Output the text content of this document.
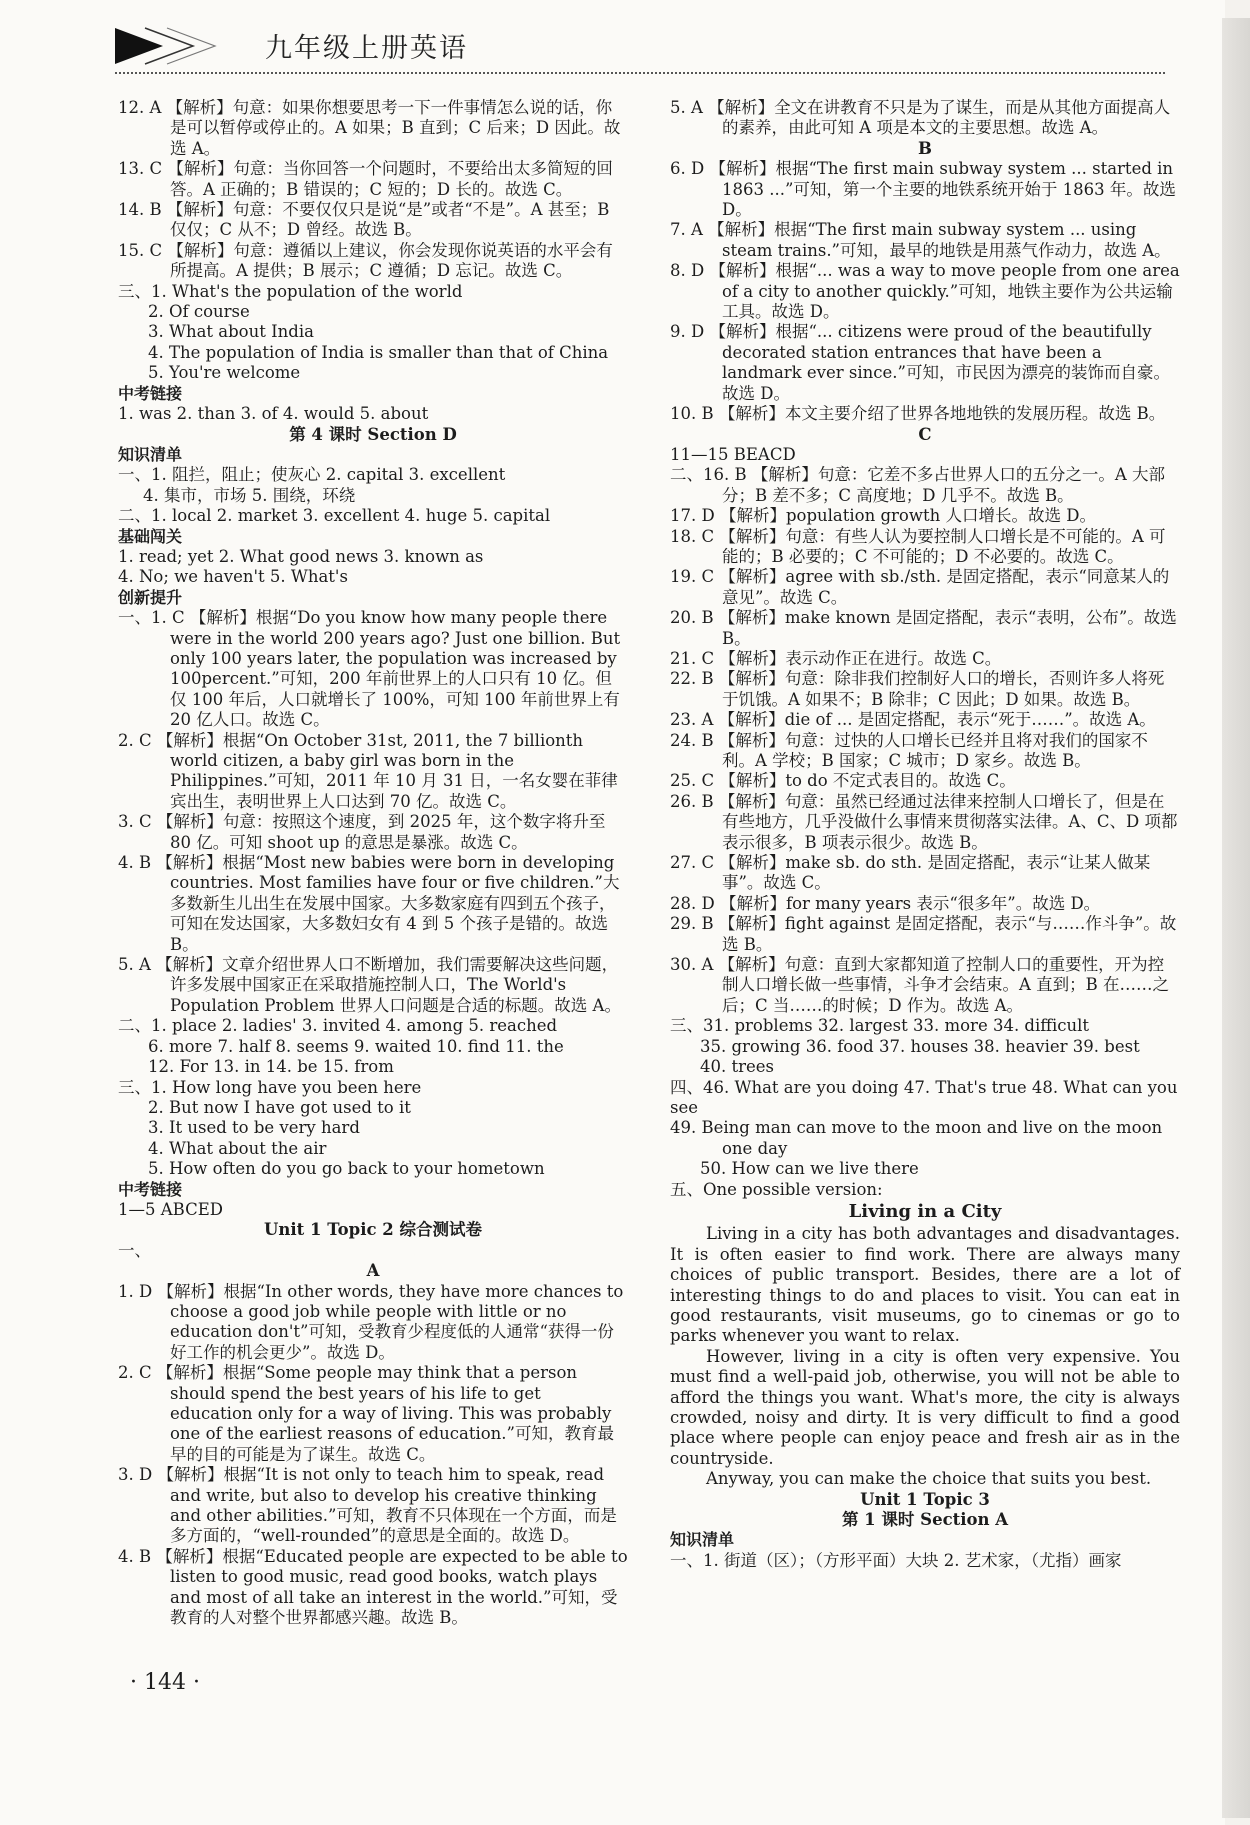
九年级上册英语

12. A 【解析】句意：如果你想要思考一下一件事情怎么说的话，你是可以暂停或停止的。A 如果；B 直到；C 后来；D 因此。故选 A。

13. C 【解析】句意：当你回答一个问题时，不要给出太多简短的回答。A 正确的；B 错误的；C 短的；D 长的。故选 C。

14. B 【解析】句意：不要仅仅只是说“是”或者“不是”。A 甚至；B 仅仅；C 从不；D 曾经。故选 B。

15. C 【解析】句意：遵循以上建议，你会发现你说英语的水平会有所提高。A 提供；B 展示；C 遵循；D 忘记。故选 C。

三、1. What's the population of the world

2. Of course

3. What about India

4. The population of India is smaller than that of China

5. You're welcome

中考链接

1. was 2. than 3. of 4. would 5. about

第 4 课时 Section D

知识清单

一、1. 阻拦，阻止；使灰心 2. capital 3. excellent

4. 集市，市场 5. 围绕，环绕

二、1. local 2. market 3. excellent 4. huge 5. capital

基础闯关

1. read; yet 2. What good news 3. known as

4. No; we haven't 5. What's

创新提升

一、1. C 【解析】根据“Do you know how many people there were in the world 200 years ago? Just one billion. But only 100 years later, the population was increased by 100percent.”可知，200 年前世界上的人口只有 10 亿。但仅 100 年后，人口就增长了 100%，可知 100 年前世界上有 20 亿人口。故选 C。

2. C 【解析】根据“On October 31st, 2011, the 7 billionth world citizen, a baby girl was born in the Philippines.”可知，2011 年 10 月 31 日，一名女婴在菲律宾出生，表明世界上人口达到 70 亿。故选 C。

3. C 【解析】句意：按照这个速度，到 2025 年，这个数字将升至 80 亿。可知 shoot up 的意思是暴涨。故选 C。

4. B 【解析】根据“Most new babies were born in developing countries. Most families have four or five children.”大多数新生儿出生在发展中国家。大多数家庭有四到五个孩子，可知在发达国家，大多数妇女有 4 到 5 个孩子是错的。故选 B。

5. A 【解析】文章介绍世界人口不断增加，我们需要解决这些问题，许多发展中国家正在采取措施控制人口，The World's Population Problem 世界人口问题是合适的标题。故选 A。

二、1. place 2. ladies' 3. invited 4. among 5. reached

6. more 7. half 8. seems 9. waited 10. find 11. the

12. For 13. in 14. be 15. from

三、1. How long have you been here

2. But now I have got used to it

3. It used to be very hard

4. What about the air

5. How often do you go back to your hometown

中考链接

1—5 ABCED

Unit 1 Topic 2 综合测试卷

一、

A

1. D 【解析】根据“In other words, they have more chances to choose a good job while people with little or no education don't”可知，受教育少程度低的人通常“获得一份好工作的机会更少”。故选 D。

2. C 【解析】根据“Some people may think that a person should spend the best years of his life to get education only for a way of living. This was probably one of the earliest reasons of education.”可知，教育最早的目的可能是为了谋生。故选 C。

3. D 【解析】根据“It is not only to teach him to speak, read and write, but also to develop his creative thinking and other abilities.”可知，教育不只体现在一个方面，而是多方面的，“well-rounded”的意思是全面的。故选 D。

4. B 【解析】根据“Educated people are expected to be able to listen to good music, read good books, watch plays and most of all take an interest in the world.”可知，受教育的人对整个世界都感兴趣。故选 B。

5. A 【解析】全文在讲教育不只是为了谋生，而是从其他方面提高人的素养，由此可知 A 项是本文的主要思想。故选 A。

B

6. D 【解析】根据“The first main subway system ... started in 1863 ...”可知，第一个主要的地铁系统开始于 1863 年。故选 D。

7. A 【解析】根据“The first main subway system ... using steam trains.”可知，最早的地铁是用蒸气作动力，故选 A。

8. D 【解析】根据“... was a way to move people from one area of a city to another quickly.”可知，地铁主要作为公共运输工具。故选 D。

9. D 【解析】根据“... citizens were proud of the beautifully decorated station entrances that have been a landmark ever since.”可知，市民因为漂亮的装饰而自豪。故选 D。

10. B 【解析】本文主要介绍了世界各地地铁的发展历程。故选 B。

C

11—15 BEACD

二、16. B 【解析】句意：它差不多占世界人口的五分之一。A 大部分；B 差不多；C 高度地；D 几乎不。故选 B。

17. D 【解析】population growth 人口增长。故选 D。

18. C 【解析】句意：有些人认为要控制人口增长是不可能的。A 可能的；B 必要的；C 不可能的；D 不必要的。故选 C。

19. C 【解析】agree with sb./sth. 是固定搭配，表示“同意某人的意见”。故选 C。

20. B 【解析】make known 是固定搭配，表示“表明，公布”。故选 B。

21. C 【解析】表示动作正在进行。故选 C。

22. B 【解析】句意：除非我们控制好人口的增长，否则许多人将死于饥饿。A 如果不；B 除非；C 因此；D 如果。故选 B。

23. A 【解析】die of ... 是固定搭配，表示“死于……”。故选 A。

24. B 【解析】句意：过快的人口增长已经并且将对我们的国家不利。A 学校；B 国家；C 城市；D 家乡。故选 B。

25. C 【解析】to do 不定式表目的。故选 C。

26. B 【解析】句意：虽然已经通过法律来控制人口增长了，但是在有些地方，几乎没做什么事情来贯彻落实法律。A、C、D 项都表示很多，B 项表示很少。故选 B。

27. C 【解析】make sb. do sth. 是固定搭配，表示“让某人做某事”。故选 C。

28. D 【解析】for many years 表示“很多年”。故选 D。

29. B 【解析】fight against 是固定搭配，表示“与……作斗争”。故选 B。

30. A 【解析】句意：直到大家都知道了控制人口的重要性，开为控制人口增长做一些事情，斗争才会结束。A 直到；B 在……之后；C 当……的时候；D 作为。故选 A。

三、31. problems 32. largest 33. more 34. difficult

35. growing 36. food 37. houses 38. heavier 39. best

40. trees

四、46. What are you doing 47. That's true 48. What can you see

49. Being man can move to the moon and live on the moon one day

50. How can we live there

五、One possible version:

Living in a City

Living in a city has both advantages and disadvantages. It is often easier to find work. There are always many choices of public transport. Besides, there are a lot of interesting things to do and places to visit. You can eat in good restaurants, visit museums, go to cinemas or go to parks whenever you want to relax.

However, living in a city is often very expensive. You must find a well-paid job, otherwise, you will not be able to afford the things you want. What's more, the city is always crowded, noisy and dirty. It is very difficult to find a good place where people can enjoy peace and fresh air as in the countryside.

Anyway, you can make the choice that suits you best.

Unit 1 Topic 3

第 1 课时 Section A

知识清单

一、1. 街道（区）；（方形平面）大块 2. 艺术家，（尤指）画家

· 144 ·
